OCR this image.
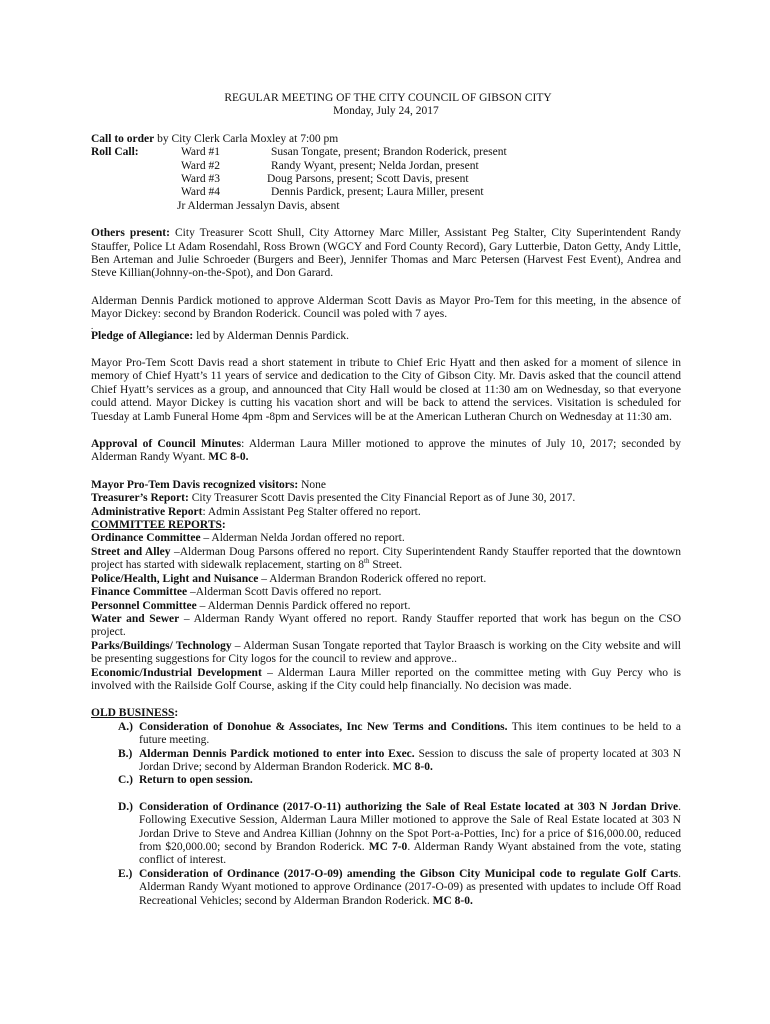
REGULAR MEETING OF THE CITY COUNCIL OF GIBSON CITY
Monday, July 24, 2017
Call to order by City Clerk Carla Moxley at 7:00 pm
Roll Call:	Ward #1	Susan Tongate, present; Brandon Roderick, present
Ward #2	Randy Wyant, present; Nelda Jordan, present
Ward #3	Doug Parsons, present; Scott Davis, present
Ward #4	Dennis Pardick, present; Laura Miller, present
Jr Alderman Jessalyn Davis, absent

Others present: City Treasurer Scott Shull, City Attorney Marc Miller, Assistant Peg Stalter, City Superintendent Randy Stauffer, Police Lt Adam Rosendahl, Ross Brown (WGCY and Ford County Record), Gary Lutterbie, Daton Getty, Andy Little, Ben Arteman and Julie Schroeder (Burgers and Beer), Jennifer Thomas and Marc Petersen (Harvest Fest Event), Andrea and Steve Killian(Johnny-on-the-Spot), and Don Garard.

Alderman Dennis Pardick motioned to approve Alderman Scott Davis as Mayor Pro-Tem for this meeting, in the absence of Mayor Dickey: second by Brandon Roderick. Council was poled with 7 ayes.

.
Pledge of Allegiance: led by Alderman Dennis Pardick.

Mayor Pro-Tem Scott Davis read a short statement in tribute to Chief Eric Hyatt and then asked for a moment of silence in memory of Chief Hyatt’s 11 years of service and dedication to the City of Gibson City. Mr. Davis asked that the council attend Chief Hyatt’s services as a group, and announced that City Hall would be closed at 11:30 am on Wednesday, so that everyone could attend. Mayor Dickey is cutting his vacation short and will be back to attend the services. Visitation is scheduled for Tuesday at Lamb Funeral Home 4pm -8pm and Services will be at the American Lutheran Church on Wednesday at 11:30 am.

Approval of Council Minutes: Alderman Laura Miller motioned to approve the minutes of July 10, 2017; seconded by Alderman Randy Wyant. MC 8-0.

Mayor Pro-Tem Davis recognized visitors: None

Treasurer’s Report: City Treasurer Scott Davis presented the City Financial Report as of June 30, 2017.

Administrative Report: Admin Assistant Peg Stalter offered no report.

COMMITTEE REPORTS:

Ordinance Committee – Alderman Nelda Jordan offered no report.

Street and Alley –Alderman Doug Parsons offered no report. City Superintendent Randy Stauffer reported that the downtown project has started with sidewalk replacement, starting on 8th Street.

Police/Health, Light and Nuisance – Alderman Brandon Roderick offered no report.

Finance Committee –Alderman Scott Davis offered no report.

Personnel Committee – Alderman Dennis Pardick offered no report.

Water and Sewer – Alderman Randy Wyant offered no report. Randy Stauffer reported that work has begun on the CSO project.

Parks/Buildings/ Technology – Alderman Susan Tongate reported that Taylor Braasch is working on the City website and will be presenting suggestions for City logos for the council to review and approve..

Economic/Industrial Development – Alderman Laura Miller reported on the committee meting with Guy Percy who is involved with the Railside Golf Course, asking if the City could help financially. No decision was made.

OLD BUSINESS:
A.) Consideration of Donohue & Associates, Inc New Terms and Conditions. This item continues to be held to a future meeting.
B.) Alderman Dennis Pardick motioned to enter into Exec. Session to discuss the sale of property located at 303 N Jordan Drive; second by Alderman Brandon Roderick. MC 8-0.
C.) Return to open session.
D.) Consideration of Ordinance (2017-O-11) authorizing the Sale of Real Estate located at 303 N Jordan Drive. Following Executive Session, Alderman Laura Miller motioned to approve the Sale of Real Estate located at 303 N Jordan Drive to Steve and Andrea Killian (Johnny on the Spot Port-a-Potties, Inc) for a price of $16,000.00, reduced from $20,000.00; second by Brandon Roderick. MC 7-0. Alderman Randy Wyant abstained from the vote, stating conflict of interest.
E.) Consideration of Ordinance (2017-O-09) amending the Gibson City Municipal code to regulate Golf Carts. Alderman Randy Wyant motioned to approve Ordinance (2017-O-09) as presented with updates to include Off Road Recreational Vehicles; second by Alderman Brandon Roderick. MC 8-0.
